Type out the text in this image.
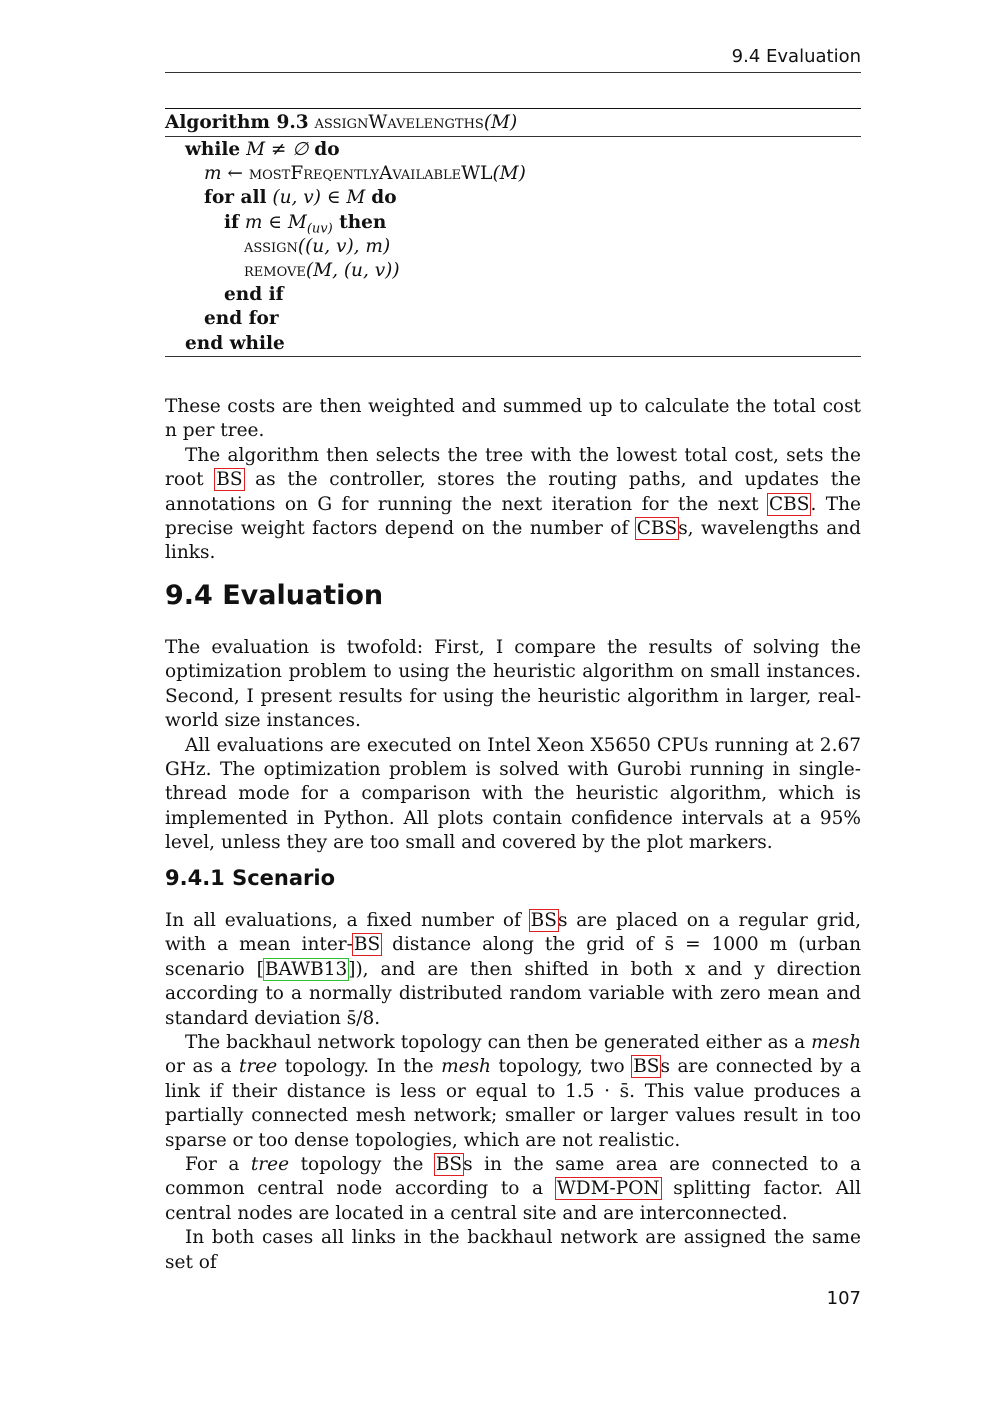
9.4 Evaluation
Algorithm 9.3 assignWavelengths(M)
while M ≠ ∅ do
m ← mostFreqentlyAvailableWL(M)
for all (u, v) ∈ M do
if m ∈ $M_{(uv)}$ then
assign((u, v), m)
remove(M, (u, v))
end if
end for
end while

These costs are then weighted and summed up to calculate the total cost n per tree.

The algorithm then selects the tree with the lowest total cost, sets the root BS as the controller, stores the routing paths, and updates the annotations on G for running the next iteration for the next CBS. The precise weight factors depend on the number of CBSs, wavelengths and links.

9.4 Evaluation

The evaluation is twofold: First, I compare the results of solving the optimization problem to using the heuristic algorithm on small instances. Second, I present results for using the heuristic algorithm in larger, real-world size instances.

All evaluations are executed on Intel Xeon X5650 CPUs running at 2.67 GHz. The optimization problem is solved with Gurobi running in single-thread mode for a comparison with the heuristic algorithm, which is implemented in Python. All plots contain confidence intervals at a 95% level, unless they are too small and covered by the plot markers.

9.4.1 Scenario

In all evaluations, a fixed number of BSs are placed on a regular grid, with a mean inter-BS distance along the grid of s̄ = 1000 m (urban scenario [BAWB13]), and are then shifted in both x and y direction according to a normally distributed random variable with zero mean and standard deviation s̄/8.

The backhaul network topology can then be generated either as a mesh or as a tree topology. In the mesh topology, two BSs are connected by a link if their distance is less or equal to 1.5 · s̄. This value produces a partially connected mesh network; smaller or larger values result in too sparse or too dense topologies, which are not realistic.

For a tree topology the BSs in the same area are connected to a common central node according to a WDM-PON splitting factor. All central nodes are located in a central site and are interconnected.

In both cases all links in the backhaul network are assigned the same set of

107
